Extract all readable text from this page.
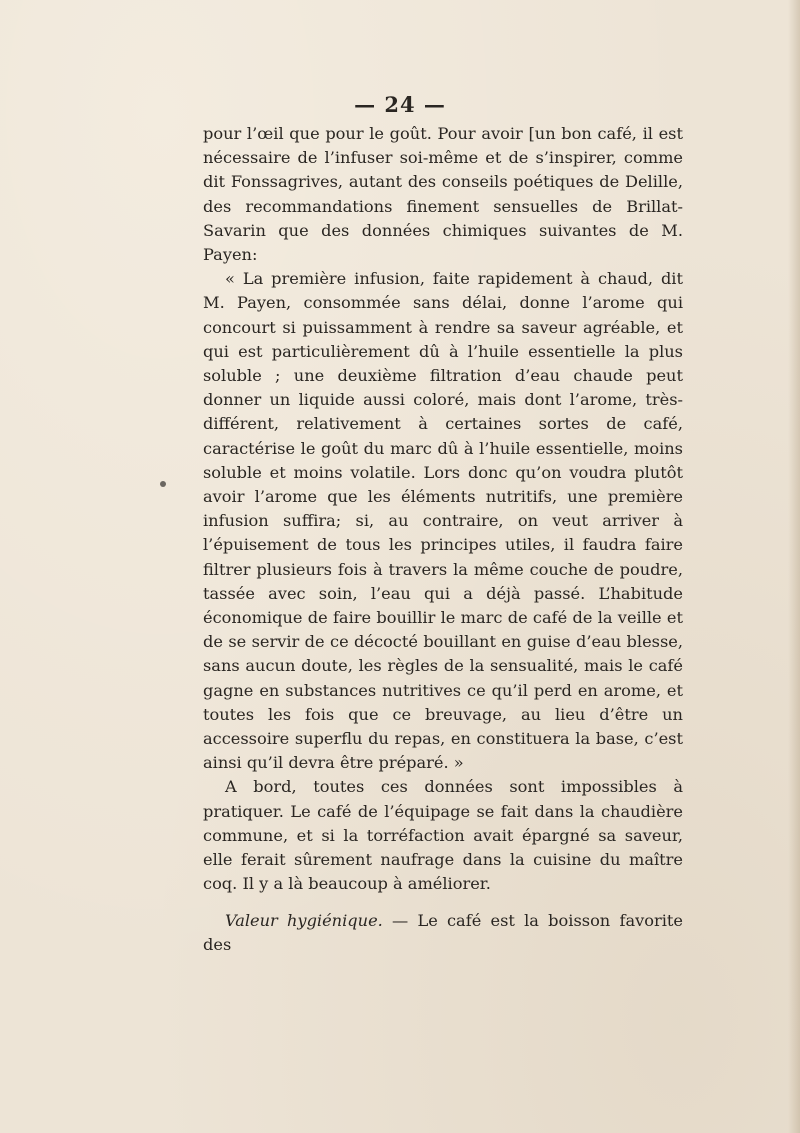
— 24 —

pour l’œil que pour le goût. Pour avoir [un bon café, il est nécessaire de l’infuser soi-même et de s’inspirer, comme dit Fonssagrives, autant des conseils poétiques de Delille, des recommandations finement sensuelles de Brillat-Savarin que des données chimiques suivantes de M. Payen:

« La première infusion, faite rapidement à chaud, dit M. Payen, consommée sans délai, donne l’arome qui concourt si puissamment à rendre sa saveur agréable, et qui est particulièrement dû à l’huile essentielle la plus soluble ; une deuxième filtration d’eau chaude peut donner un liquide aussi coloré, mais dont l’arome, très-différent, relativement à certaines sortes de café, caractérise le goût du marc dû à l’huile essentielle, moins soluble et moins volatile. Lors donc qu’on voudra plutôt avoir l’arome que les éléments nutritifs, une première infusion suffira; si, au contraire, on veut arriver à l’épuisement de tous les principes utiles, il faudra faire filtrer plusieurs fois à travers la même couche de poudre, tassée avec soin, l’eau qui a déjà passé. L’habitude économique de faire bouillir le marc de café de la veille et de se servir de ce décocté bouillant en guise d’eau blesse, sans aucun doute, les règles de la sensualité, mais le café gagne en substances nutritives ce qu’il perd en arome, et toutes les fois que ce breuvage, au lieu d’être un accessoire superflu du repas, en constituera la base, c’est ainsi qu’il devra être préparé. »

A bord, toutes ces données sont impossibles à pratiquer. Le café de l’équipage se fait dans la chaudière commune, et si la torréfaction avait épargné sa saveur, elle ferait sûrement naufrage dans la cuisine du maître coq. Il y a là beaucoup à améliorer.

Valeur hygiénique. — Le café est la boisson favorite des
